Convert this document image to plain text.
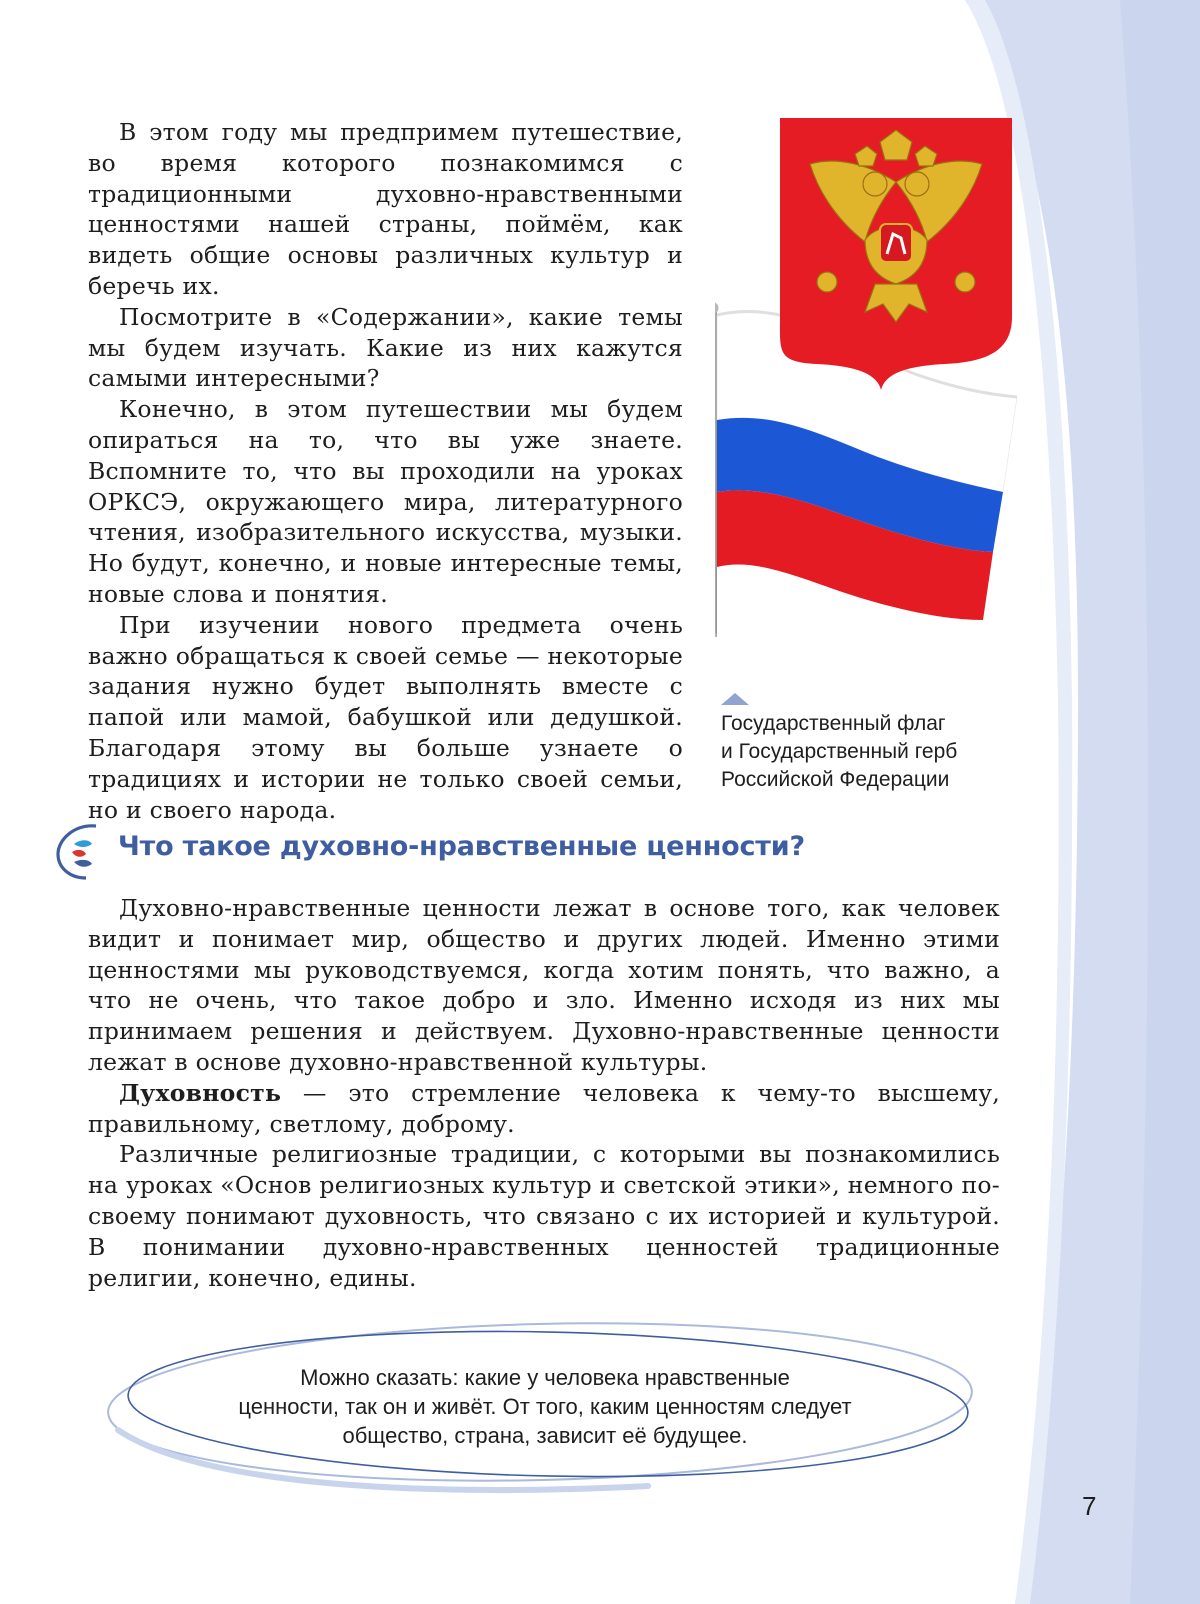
В этом году мы предпримем путешествие, во время которого познакомимся с традиционными духовно-нравственными ценностями нашей страны, поймём, как видеть общие основы различных культур и беречь их.

Посмотрите в «Содержании», какие темы мы будем изучать. Какие из них кажутся самыми интересными?

Конечно, в этом путешествии мы будем опираться на то, что вы уже знаете. Вспомните то, что вы проходили на уроках ОРКСЭ, окружающего мира, литературного чтения, изобразительного искусства, музыки. Но будут, конечно, и новые интересные темы, новые слова и понятия.

При изучении нового предмета очень важно обращаться к своей семье — некоторые задания нужно будет выполнять вместе с папой или мамой, бабушкой или дедушкой. Благодаря этому вы больше узнаете о традициях и истории не только своей семьи, но и своего народа.

Государственный флаг
и Государственный герб
Российской Федерации
Что такое духовно-нравственные ценности?

Духовно-нравственные ценности лежат в основе того, как человек видит и понимает мир, общество и других людей. Именно этими ценностями мы руководствуемся, когда хотим понять, что важно, а что не очень, что такое добро и зло. Именно исходя из них мы принимаем решения и действуем. Духовно-нравственные ценности лежат в основе духовно-нравственной культуры.

Духовность — это стремление человека к чему-то высшему, правильному, светлому, доброму.

Различные религиозные традиции, с которыми вы познакомились на уроках «Основ религиозных культур и светской этики», немного по-своему понимают духовность, что связано с их историей и культурой. В понимании духовно-нравственных ценностей традиционные религии, конечно, едины.

Можно сказать: какие у человека нравственные
ценности, так он и живёт. От того, каким ценностям следует
общество, страна, зависит её будущее.
7
